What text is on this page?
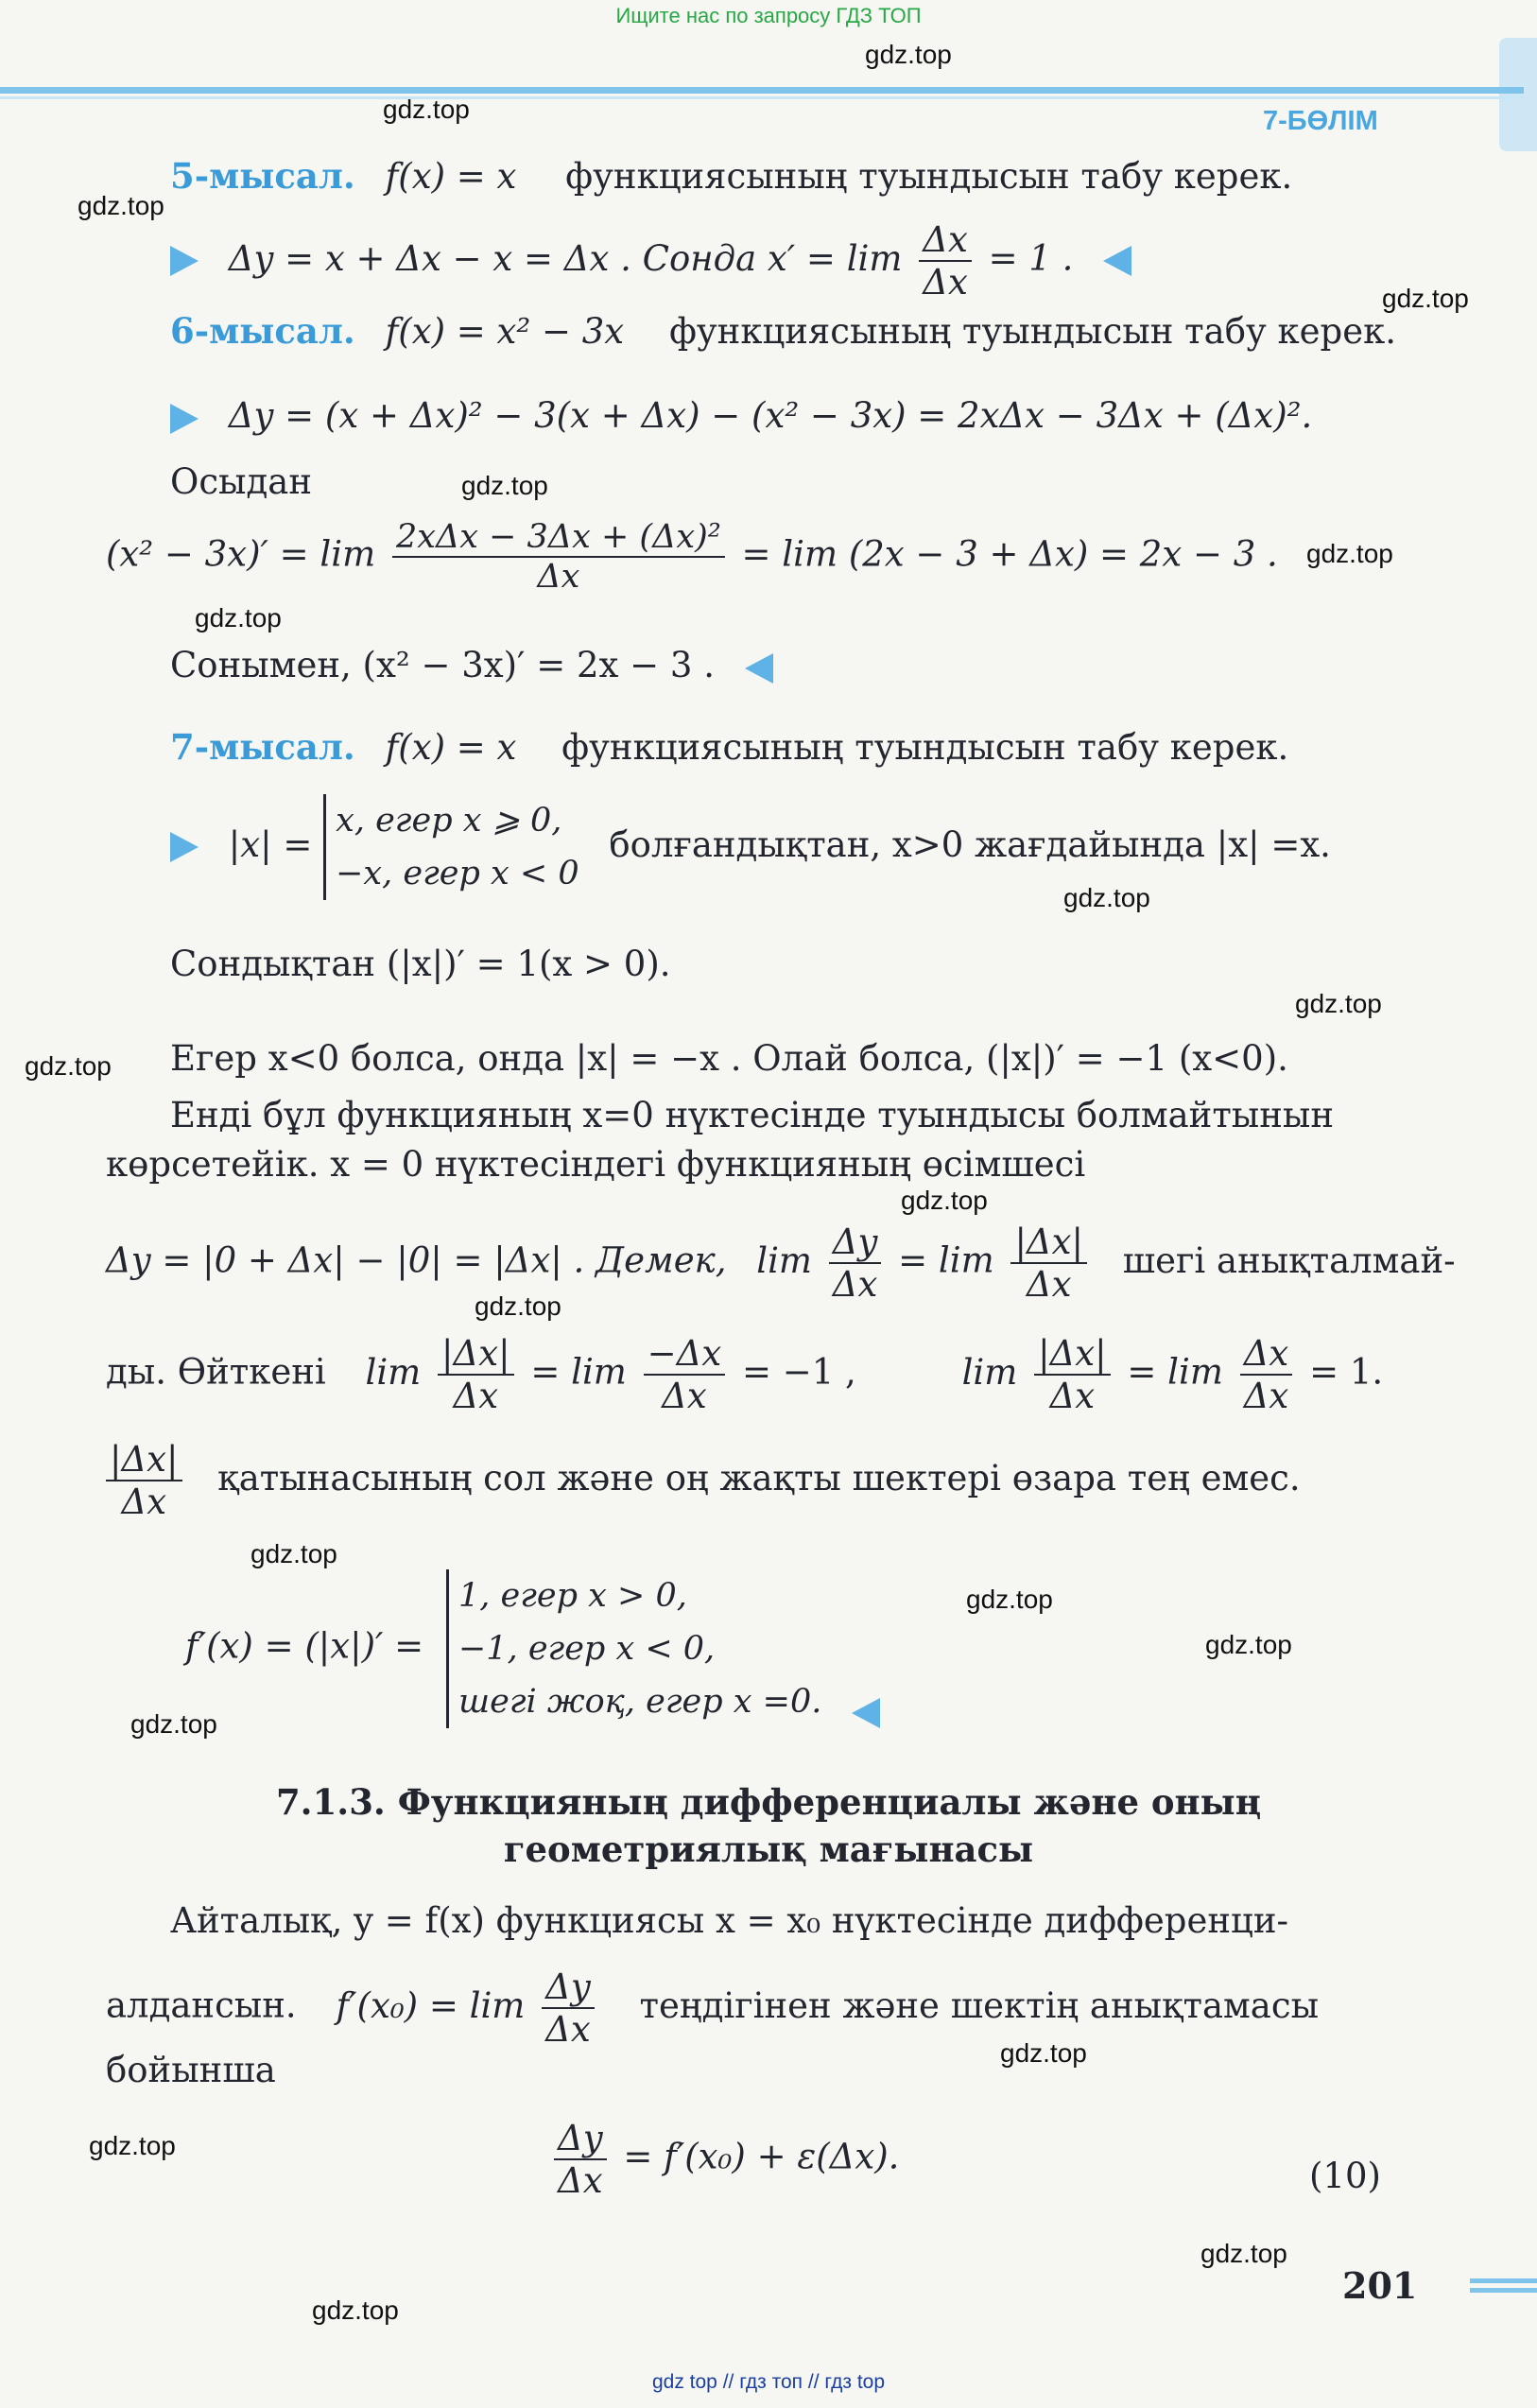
Ищите нас по запросу ГДЗ ТОП
7-БӨЛІМ
gdz.top
gdz.top
gdz.top
gdz.top
gdz.top
gdz.top
gdz.top
gdz.top
gdz.top
gdz.top
gdz.top
gdz.top
gdz.top
gdz.top
gdz.top
gdz.top
gdz.top
gdz.top
gdz.top
gdz.top
5-мысал. f(x) = x функциясының туындысын табу керек.
Δy = x + Δx − x = Δx . Сонда $x' = \lim \frac{\Delta x}{\Delta x} = 1$ .
6-мысал. f(x) = x² − 3x функциясының туындысын табу керек.
Δy = (x + Δx)² − 3(x + Δx) − (x² − 3x) = 2xΔx − 3Δx + (Δx)².
Осыдан
$(x^2 - 3x)' = \lim \frac{\text{2xΔx − 3Δx + (Δx)²}}{\Delta x} = \lim (2x - 3 + \Delta x) = 2x - 3$ .
Сонымен, (x² − 3x)′ = 2x − 3 .
7-мысал. f(x) = x функциясының туындысын табу керек.
|x| =
x, егер x ⩾ 0,
−x, егер x < 0
болғандықтан, x>0 жағдайында |x| =x.
Сондықтан (|x|)′ = 1(x > 0).
Егер x<0 болса, онда |x| = −x . Олай болса, (|x|)′ = −1 (x<0).
Енді бұл функцияның x=0 нүктесінде туындысы болмайтынын
көрсетейік. x = 0 нүктесіндегі функцияның өсімшесі
Δy = |0 + Δx| − |0| = |Δx| . Демек, $\lim \frac{\Delta y}{\Delta x} = \lim \frac{|\Delta x|}{\Delta x}$ шегі анықталмай-
ды. Өйткені $\lim \frac{|\Delta x|}{\Delta x} = \lim \frac{-\Delta x}{\Delta x} = -1$ ,	$\lim \frac{|\Delta x|}{\Delta x} = \lim \frac{\Delta x}{\Delta x} = 1$.
$\frac{|\Delta x|}{\Delta x}$ қатынасының сол және оң жақты шектері өзара тең емес.
f′(x) = (|x|)′ =
1, егер x > 0,
−1, егер x < 0,
шегі жоқ, егер x =0.

7.1.3. Функцияның дифференциалы және оның
геометриялық мағынасы
Айталық, y = f(x) функциясы x = x₀ нүктесінде дифференци-
алдансын. $f'(x_0) = \lim \frac{\Delta y}{\Delta x}$ теңдігінен және шектің анықтамасы
бойынша
$\frac{\Delta y}{\Delta x} = f'(x_0) + \varepsilon(\Delta x)$.	(10)
201
gdz top // гдз топ // гдз top
